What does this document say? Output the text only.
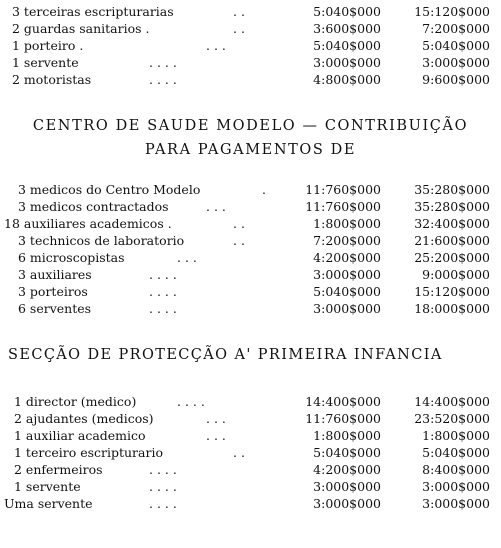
3 terceiras escripturarias	. .	5:040$000	15:120$000
2 guardas sanitarios .	. .	3:600$000	7:200$000
1 porteiro .	. . .	5:040$000	5:040$000
1 servente	. . . .	3:000$000	3:000$000
2 motoristas	. . . .	4:800$000	9:600$000
CENTRO DE SAUDE MODELO — CONTRIBUIÇÃO
PARA PAGAMENTOS DE
3 medicos do Centro Modelo	.	11:760$000	35:280$000
3 medicos contractados	. . .	11:760$000	35:280$000
18 auxiliares academicos .	. .	1:800$000	32:400$000
3 technicos de laboratorio	. .	7:200$000	21:600$000
6 microscopistas	. . .	4:200$000	25:200$000
3 auxiliares	. . . .	3:000$000	9:000$000
3 porteiros	. . . .	5:040$000	15:120$000
6 serventes	. . . .	3:000$000	18:000$000
SECÇÃO DE PROTECÇÃO A' PRIMEIRA INFANCIA
1 director (medico)	. . . .	14:400$000	14:400$000
2 ajudantes (medicos)	. . .	11:760$000	23:520$000
1 auxiliar academico	. . .	1:800$000	1:800$000
1 terceiro escripturario	. .	5:040$000	5:040$000
2 enfermeiros	. . . .	4:200$000	8:400$000
1 servente	. . . .	3:000$000	3:000$000
Uma servente	. . . .	3:000$000	3:000$000
